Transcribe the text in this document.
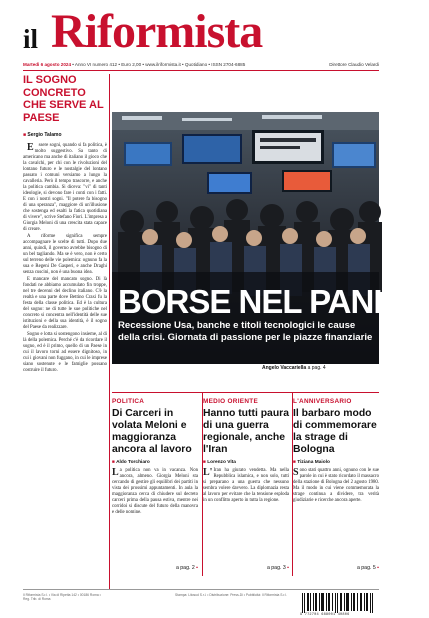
il Riformista
Martedì 6 agosto 2024 • Anno VI numero 412 • Euro 2,00 • www.ilriformista.it • Quotidiano • ISSN 2704-6885	Direttore Claudio Velardi
IL SOGNO CONCRETO CHE SERVE AL PAESE
■ Sergio Talamo

Essere sogni, quando si fa politica, è molto suggestivo. Sa tanto di americano ma anche di italiano il gioco che la cavalchi, per chi con le rivoluzioni del lontano futuro e le nostalgie del lontano passato i comuni versiamo a lungo la cavalleria. Però il tempo trascorre, e anche la politica cambia. Si diceva: "vi" di tanti ideologie, si devono fare i conti con i fatti. E con i nostri sogni. "Il potere fa bisogno di una speranza", maggiore di un'illusione che sostenga ed esalti la fatica quotidiana di vivere", scrive Stefano Fiori. L'impresa a Giorgia Meloni di una crescita stata capace di creare.

A riforme significa sempre accompagnare le scelte di tutti. Dopo due anni, quindi, il governo avrebbe bisogno di un bel tagliando. Ma se è vero, non è certo sul terreno delle vie polemica: ognuno fa la sua e Regeni De Gasperi, e anche Draghi senza cuscini, non è una buona idea.

E mancare del mancato sogno. Di là fondati ne abbiamo accumulato fin troppe, nel tre decenni del declino italiano. C'è la realtà e una parte dove Bettino Craxi fu la festa della classe politica. Ed è la cultura del sogno: ne di tutte le sue politiche nel concreto si concentra nell'identità delle sue istituzioni e della sua identità, è il sogno del Paese da realizzare.

Sogno e lotta si sostengono insieme, al di là della polemica. Perché c'è da ricordare il sogno, ed è il primo, quello di un Paese in cui il lavoro torni ad essere dignitoso, in cui i giovani non fuggano, in cui le imprese siano sostenute e le famiglie possano costruire il futuro.

BORSE NEL PANICO
Recessione Usa, banche e titoli tecnologici le cause della crisi. Giornata di passione per le piazze finanziarie
Angelo Vaccariella a pag. 4
POLITICA
Di Carceri in volata Meloni e maggioranza ancora al lavoro
■ Aldo Torchiaro
La politica non va in vacanza. Non ancora, almeno. Giorgia Meloni sta cercando di gestire gli equilibri dei partiti in vista dei prossimi appuntamenti. In aula la maggioranza cerca di chiudere sul decreto carceri prima della pausa estiva, mentre nei corridoi si discute del futuro della manovra e delle nomine.
a pag. 2 ▪
MEDIO ORIENTE
Hanno tutti paura di una guerra regionale, anche l'Iran
■ Lorenzo Vita
L'Iran ha giurato vendetta. Ma nella Repubblica islamica, e non solo, tutti si preparano a una guerra che nessuno sembra volere davvero. La diplomazia resta al lavoro per evitare che la tensione esploda in un conflitto aperto in tutta la regione.
a pag. 3 ▪
L'ANNIVERSARIO
Il barbaro modo di commemorare la strage di Bologna
■ Tiziana Maiolo
Sono stati quattro anni, ognuno con le sue parole in cui è stato ricordato il massacro della stazione di Bologna del 2 agosto 1980. Ma il modo in cui viene commemorata la strage continua a dividere, tra verità giudiziarie e ricerche ancora aperte.
a pag. 5 ▪
Il Riformista S.r.l. • Via di Ripetta 142 • 00186 Roma • Reg. Trib. di Roma
Stampa: Litosud S.r.l. • Distribuzione: Press-Di • Pubblicità: Il Riformista S.r.l.
9 772704 688001 40806
